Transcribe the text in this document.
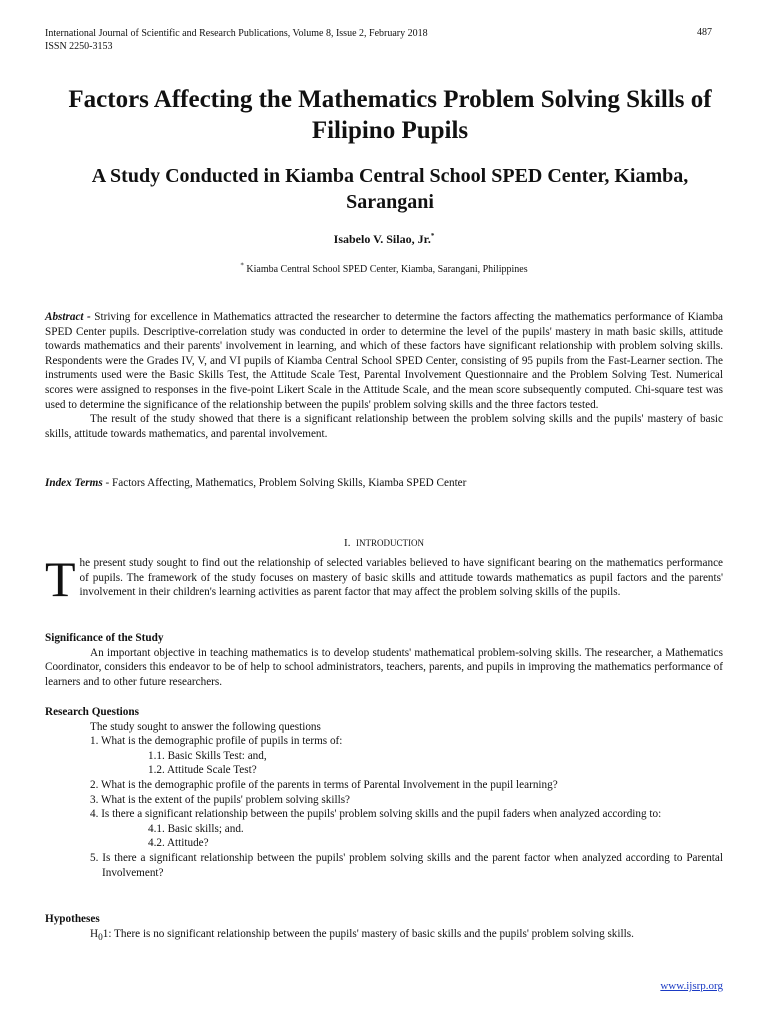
International Journal of Scientific and Research Publications, Volume 8, Issue 2, February 2018
ISSN 2250-3153
487
Factors Affecting the Mathematics Problem Solving Skills of Filipino Pupils
A Study Conducted in Kiamba Central School SPED Center, Kiamba, Sarangani
Isabelo V. Silao, Jr.*
* Kiamba Central School SPED Center, Kiamba, Sarangani, Philippines

Abstract - Striving for excellence in Mathematics attracted the researcher to determine the factors affecting the mathematics performance of Kiamba SPED Center pupils. Descriptive-correlation study was conducted in order to determine the level of the pupils' mastery in math basic skills, attitude towards mathematics and their parents' involvement in learning, and which of these factors have significant relationship with problem solving skills. Respondents were the Grades IV, V, and VI pupils of Kiamba Central School SPED Center, consisting of 95 pupils from the Fast-Learner section. The instruments used were the Basic Skills Test, the Attitude Scale Test, Parental Involvement Questionnaire and the Problem Solving Test. Numerical scores were assigned to responses in the five-point Likert Scale in the Attitude Scale, and the mean score subsequently computed. Chi-square test was used to determine the significance of the relationship between the pupils' problem solving skills and the three factors tested.

The result of the study showed that there is a significant relationship between the problem solving skills and the pupils' mastery of basic skills, attitude towards mathematics, and parental involvement.

Index Terms - Factors Affecting, Mathematics, Problem Solving Skills, Kiamba SPED Center

I. INTRODUCTION
T he present study sought to find out the relationship of selected variables believed to have significant bearing on the mathematics performance of pupils. The framework of the study focuses on mastery of basic skills and attitude towards mathematics as pupil factors and the parents' involvement in their children's learning activities as parent factor that may affect the problem solving skills of the pupils.

Significance of the Study

An important objective in teaching mathematics is to develop students' mathematical problem-solving skills. The researcher, a Mathematics Coordinator, considers this endeavor to be of help to school administrators, teachers, parents, and pupils in improving the mathematics performance of learners and to other future researchers.

Research Questions

The study sought to answer the following questions

1. What is the demographic profile of pupils in terms of:

1.1. Basic Skills Test: and,

1.2. Attitude Scale Test?

2. What is the demographic profile of the parents in terms of Parental Involvement in the pupil learning?

3. What is the extent of the pupils' problem solving skills?

4. Is there a significant relationship between the pupils' problem solving skills and the pupil faders when analyzed according to:

4.1. Basic skills; and.

4.2. Attitude?

5. Is there a significant relationship between the pupils' problem solving skills and the parent factor when analyzed according to Parental Involvement?

Hypotheses

$H_01$: There is no significant relationship between the pupils' mastery of basic skills and the pupils' problem solving skills.

www.ijsrp.org
